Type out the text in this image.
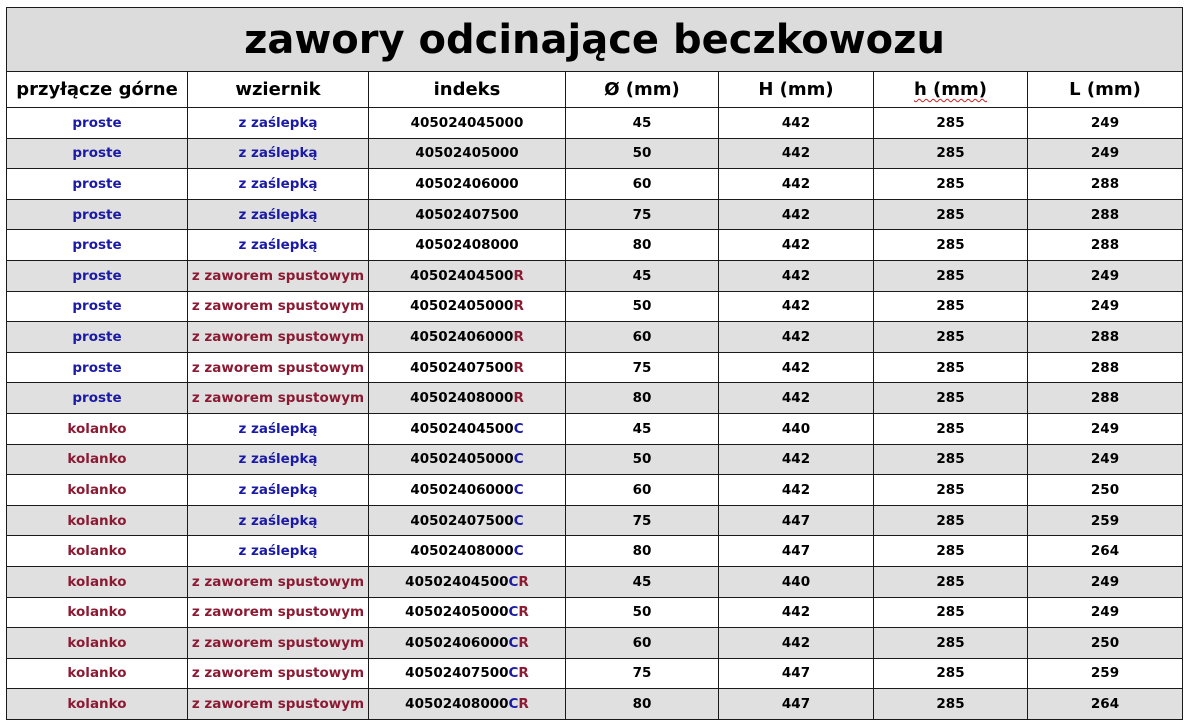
zawory odcinające beczkowozu						
przyłącze górne	wziernik	indeks	Ø (mm)	H (mm)	h (mm)	L (mm)
proste	z zaślepką	405024045000	45	442	285	249
proste	z zaślepką	40502405000	50	442	285	249
proste	z zaślepką	40502406000	60	442	285	288
proste	z zaślepką	40502407500	75	442	285	288
proste	z zaślepką	40502408000	80	442	285	288
proste	z zaworem spustowym	40502404500R	45	442	285	249
proste	z zaworem spustowym	40502405000R	50	442	285	249
proste	z zaworem spustowym	40502406000R	60	442	285	288
proste	z zaworem spustowym	40502407500R	75	442	285	288
proste	z zaworem spustowym	40502408000R	80	442	285	288
kolanko	z zaślepką	40502404500C	45	440	285	249
kolanko	z zaślepką	40502405000C	50	442	285	249
kolanko	z zaślepką	40502406000C	60	442	285	250
kolanko	z zaślepką	40502407500C	75	447	285	259
kolanko	z zaślepką	40502408000C	80	447	285	264
kolanko	z zaworem spustowym	40502404500CR	45	440	285	249
kolanko	z zaworem spustowym	40502405000CR	50	442	285	249
kolanko	z zaworem spustowym	40502406000CR	60	442	285	250
kolanko	z zaworem spustowym	40502407500CR	75	447	285	259
kolanko	z zaworem spustowym	40502408000CR	80	447	285	264
